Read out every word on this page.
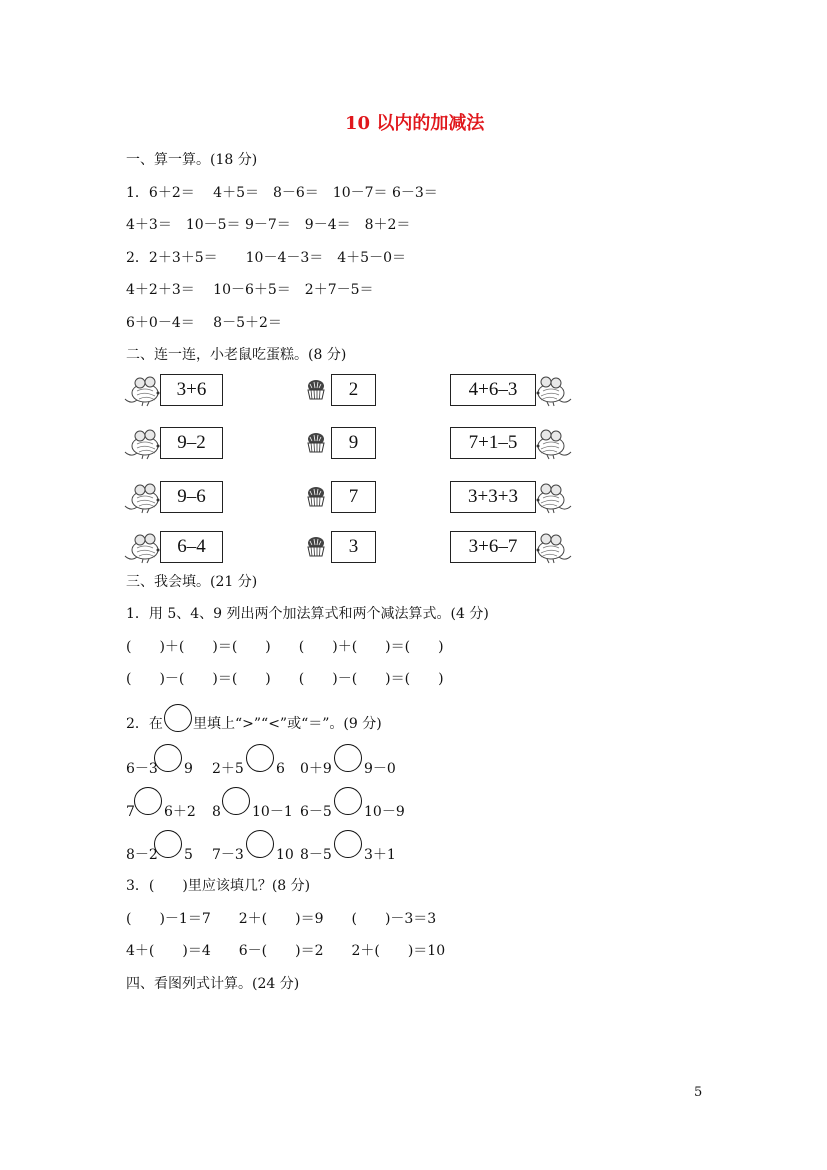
10 以内的加减法
一、算一算。(18 分)
1．6＋2＝　 4＋5＝　8－6＝　10－7＝ 6－3＝
4＋3＝　10－5＝ 9－7＝　9－4＝　8＋2＝
2．2＋3＋5＝　　10－4－3＝　4＋5－0＝
4＋2＋3＝　 10－6＋5＝　2＋7－5＝
6＋0－4＝　 8－5＋2＝
二、连一连，小老鼠吃蛋糕。(8 分)
3+6	2	4+6–3
9–2	9	7+1–5
9–6	7	3+3+3
6–4	3	3+6–7
三、我会填。(21 分)
1．用 5、4、9 列出两个加法算式和两个减法算式。(4 分)
(　　)＋(　　)＝(　　)　　(　　)＋(　　)＝(　　)
(　　)－(　　)＝(　　)　　(　　)－(　　)＝(　　)
2．在 里填上“>”“<”或“＝”。(9 分)
6－3 9 2＋5 6 0＋9 9－0
7 6＋2 8 10－1 6－5 10－9
8－2 5 7－3 10 8－5 3＋1
3．(　　)里应该填几？(8 分)
(　　)－1＝7　　2＋(　　)＝9　　(　　)－3＝3
4＋(　　)＝4　　6－(　　)＝2　　2＋(　　)＝10
四、看图列式计算。(24 分)
5
